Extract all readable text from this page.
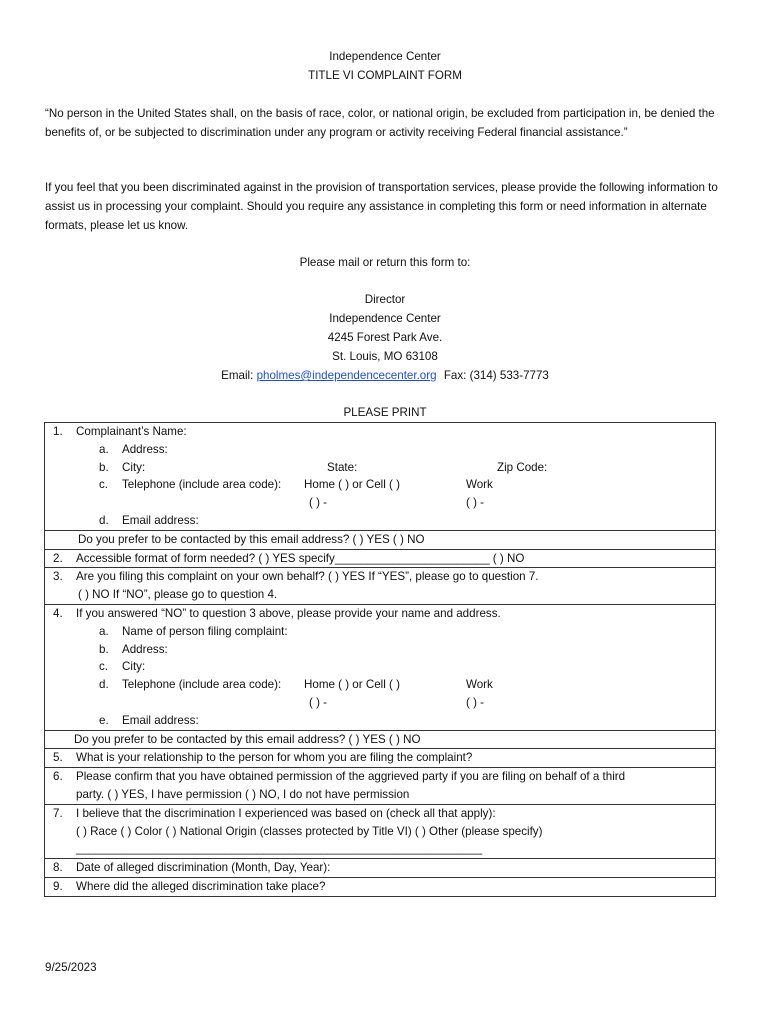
Independence Center
TITLE VI COMPLAINT FORM
“No person in the United States shall, on the basis of race, color, or national origin, be excluded from participation in, be denied the benefits of, or be subjected to discrimination under any program or activity receiving Federal financial assistance.”
If you feel that you been discriminated against in the provision of transportation services, please provide the following information to assist us in processing your complaint. Should you require any assistance in completing this form or need information in alternate formats, please let us know.
Please mail or return this form to:
Director
Independence Center
4245 Forest Park Ave.
St. Louis, MO 63108
Email: pholmes@independencecenter.org Fax: (314) 533-7773
PLEASE PRINT
1. Complainant’s Name:
a. Address:
b. City:	State:	Zip Code:
c. Telephone (include area code): Home ( ) or Cell ( )	Work
( ) -	( ) -
d. Email address:
Do you prefer to be contacted by this email address? ( ) YES ( ) NO
2. Accessible format of form needed? ( ) YES specify________________________ ( ) NO
3. Are you filing this complaint on your own behalf? ( ) YES If “YES”, please go to question 7.
( ) NO If “NO”, please go to question 4.
4. If you answered “NO” to question 3 above, please provide your name and address.
a. Name of person filing complaint:
b. Address:
c. City:
d. Telephone (include area code): Home ( ) or Cell ( )	Work
( ) -	( ) -
e. Email address:
Do you prefer to be contacted by this email address? ( ) YES ( ) NO
5. What is your relationship to the person for whom you are filing the complaint?
6. Please confirm that you have obtained permission of the aggrieved party if you are filing on behalf of a third
party. ( ) YES, I have permission ( ) NO, I do not have permission
7. I believe that the discrimination I experienced was based on (check all that apply):
( ) Race ( ) Color ( ) National Origin (classes protected by Title VI) ( ) Other (please specify)
_______________________________________________________________
8. Date of alleged discrimination (Month, Day, Year):
9. Where did the alleged discrimination take place?
9/25/2023
